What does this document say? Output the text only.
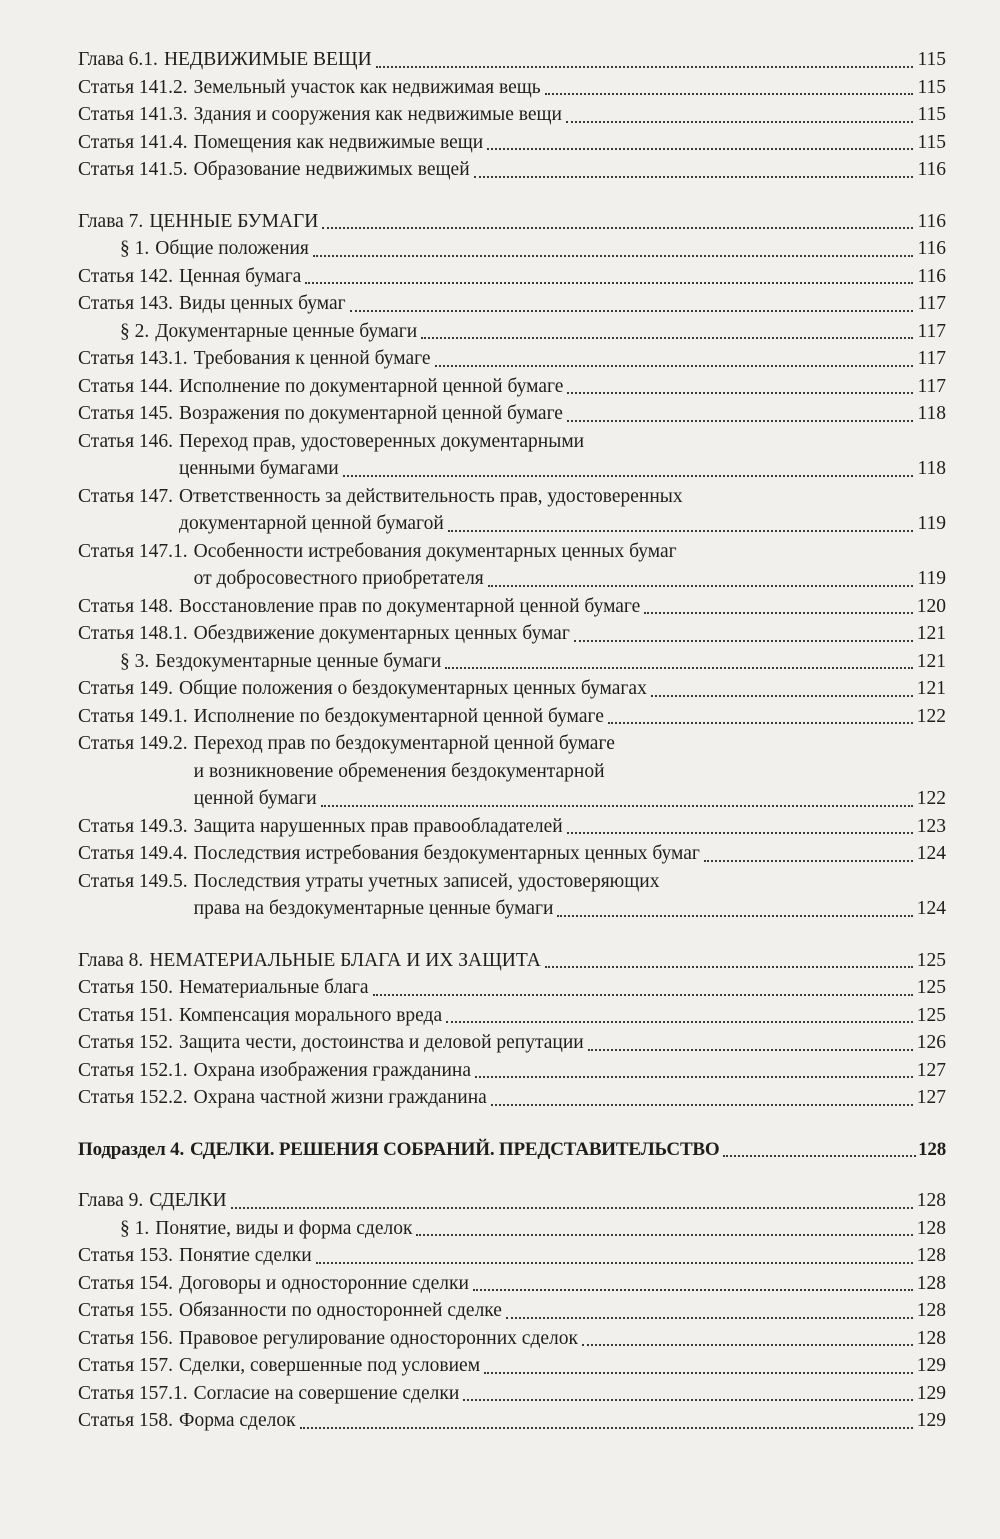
Глава 6.1. НЕДВИЖИМЫЕ ВЕЩИ	115
Статья 141.2. Земельный участок как недвижимая вещь	115
Статья 141.3. Здания и сооружения как недвижимые вещи	115
Статья 141.4. Помещения как недвижимые вещи	115
Статья 141.5. Образование недвижимых вещей	116
Глава 7. ЦЕННЫЕ БУМАГИ	116
§ 1. Общие положения	116
Статья 142. Ценная бумага	116
Статья 143. Виды ценных бумаг	117
§ 2. Документарные ценные бумаги	117
Статья 143.1. Требования к ценной бумаге	117
Статья 144. Исполнение по документарной ценной бумаге	117
Статья 145. Возражения по документарной ценной бумаге	118
Статья 146. Переход прав, удостоверенных документарными
ценными бумагами	118
Статья 147. Ответственность за действительность прав, удостоверенных
документарной ценной бумагой	119
Статья 147.1. Особенности истребования документарных ценных бумаг
от добросовестного приобретателя	119
Статья 148. Восстановление прав по документарной ценной бумаге	120
Статья 148.1. Обездвижение документарных ценных бумаг	121
§ 3. Бездокументарные ценные бумаги	121
Статья 149. Общие положения о бездокументарных ценных бумагах	121
Статья 149.1. Исполнение по бездокументарной ценной бумаге	122
Статья 149.2. Переход прав по бездокументарной ценной бумаге
и возникновение обременения бездокументарной
ценной бумаги	122
Статья 149.3. Защита нарушенных прав правообладателей	123
Статья 149.4. Последствия истребования бездокументарных ценных бумаг	124
Статья 149.5. Последствия утраты учетных записей, удостоверяющих
права на бездокументарные ценные бумаги	124
Глава 8. НЕМАТЕРИАЛЬНЫЕ БЛАГА И ИХ ЗАЩИТА	125
Статья 150. Нематериальные блага	125
Статья 151. Компенсация морального вреда	125
Статья 152. Защита чести, достоинства и деловой репутации	126
Статья 152.1. Охрана изображения гражданина	127
Статья 152.2. Охрана частной жизни гражданина	127
Подраздел 4. СДЕЛКИ. РЕШЕНИЯ СОБРАНИЙ. ПРЕДСТАВИТЕЛЬСТВО	128
Глава 9. СДЕЛКИ	128
§ 1. Понятие, виды и форма сделок	128
Статья 153. Понятие сделки	128
Статья 154. Договоры и односторонние сделки	128
Статья 155. Обязанности по односторонней сделке	128
Статья 156. Правовое регулирование односторонних сделок	128
Статья 157. Сделки, совершенные под условием	129
Статья 157.1. Согласие на совершение сделки	129
Статья 158. Форма сделок	129
